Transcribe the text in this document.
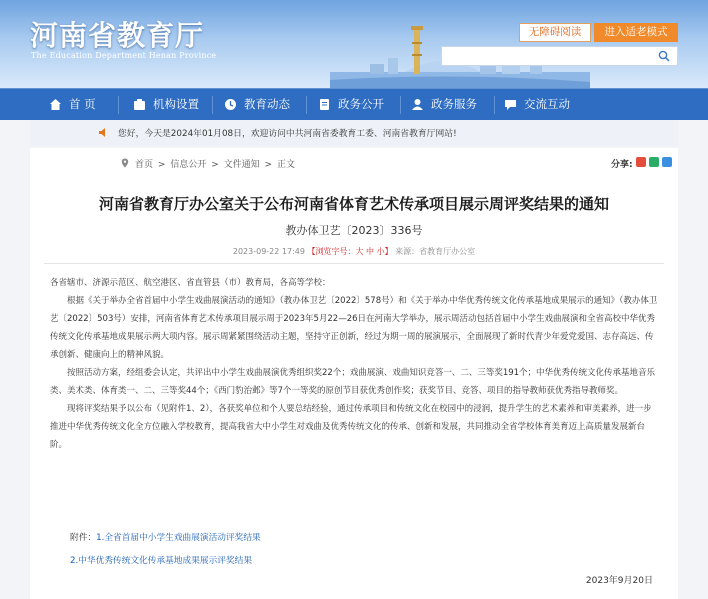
河南省教育厅
The Education Department Henan Province
无障碍阅读	进入适老模式
首 页	机构设置	教育动态	政务公开	政务服务	交流互动
您好，今天是2024年01月08日，欢迎访问中共河南省委教育工委、河南省教育厅网站!
首页 > 信息公开 > 文件通知 > 正文	分享:
河南省教育厅办公室关于公布河南省体育艺术传承项目展示周评奖结果的通知
教办体卫艺〔2023〕336号
2023-09-22 17:49 【浏览字号：大 中 小】 来源：省教育厅办公室

各省辖市、济源示范区、航空港区、省直管县（市）教育局，各高等学校：

根据《关于举办全省首届中小学生戏曲展演活动的通知》（教办体卫艺〔2022〕578号）和《关于举办中华优秀传统文化传承基地成果展示的通知》（教办体卫艺〔2022〕503号）安排，河南省体育艺术传承项目展示周于2023年5月22—26日在河南大学举办，展示周活动包括首届中小学生戏曲展演和全省高校中华优秀传统文化传承基地成果展示两大项内容。展示周紧紧围绕活动主题，坚持守正创新，经过为期一周的展演展示，全面展现了新时代青少年爱党爱国、志存高远、传承创新、健康向上的精神风貌。

按照活动方案，经组委会认定，共评出中小学生戏曲展演优秀组织奖22个；戏曲展演、戏曲知识竞答一、二、三等奖191个；中华优秀传统文化传承基地音乐类、美术类、体育类一、二、三等奖44个；《西门豹治邺》等7个一等奖的原创节目获优秀创作奖；获奖节目、竞答、项目的指导教师获优秀指导教师奖。

现将评奖结果予以公布（见附件1、2），各获奖单位和个人要总结经验，通过传承项目和传统文化在校园中的浸润，提升学生的艺术素养和审美素养，进一步推进中华优秀传统文化全方位融入学校教育，提高我省大中小学生对戏曲及优秀传统文化的传承、创新和发展，共同推动全省学校体育美育迈上高质量发展新台阶。

附件：1.全省首届中小学生戏曲展演活动评奖结果
2.中华优秀传统文化传承基地成果展示评奖结果
2023年9月20日
